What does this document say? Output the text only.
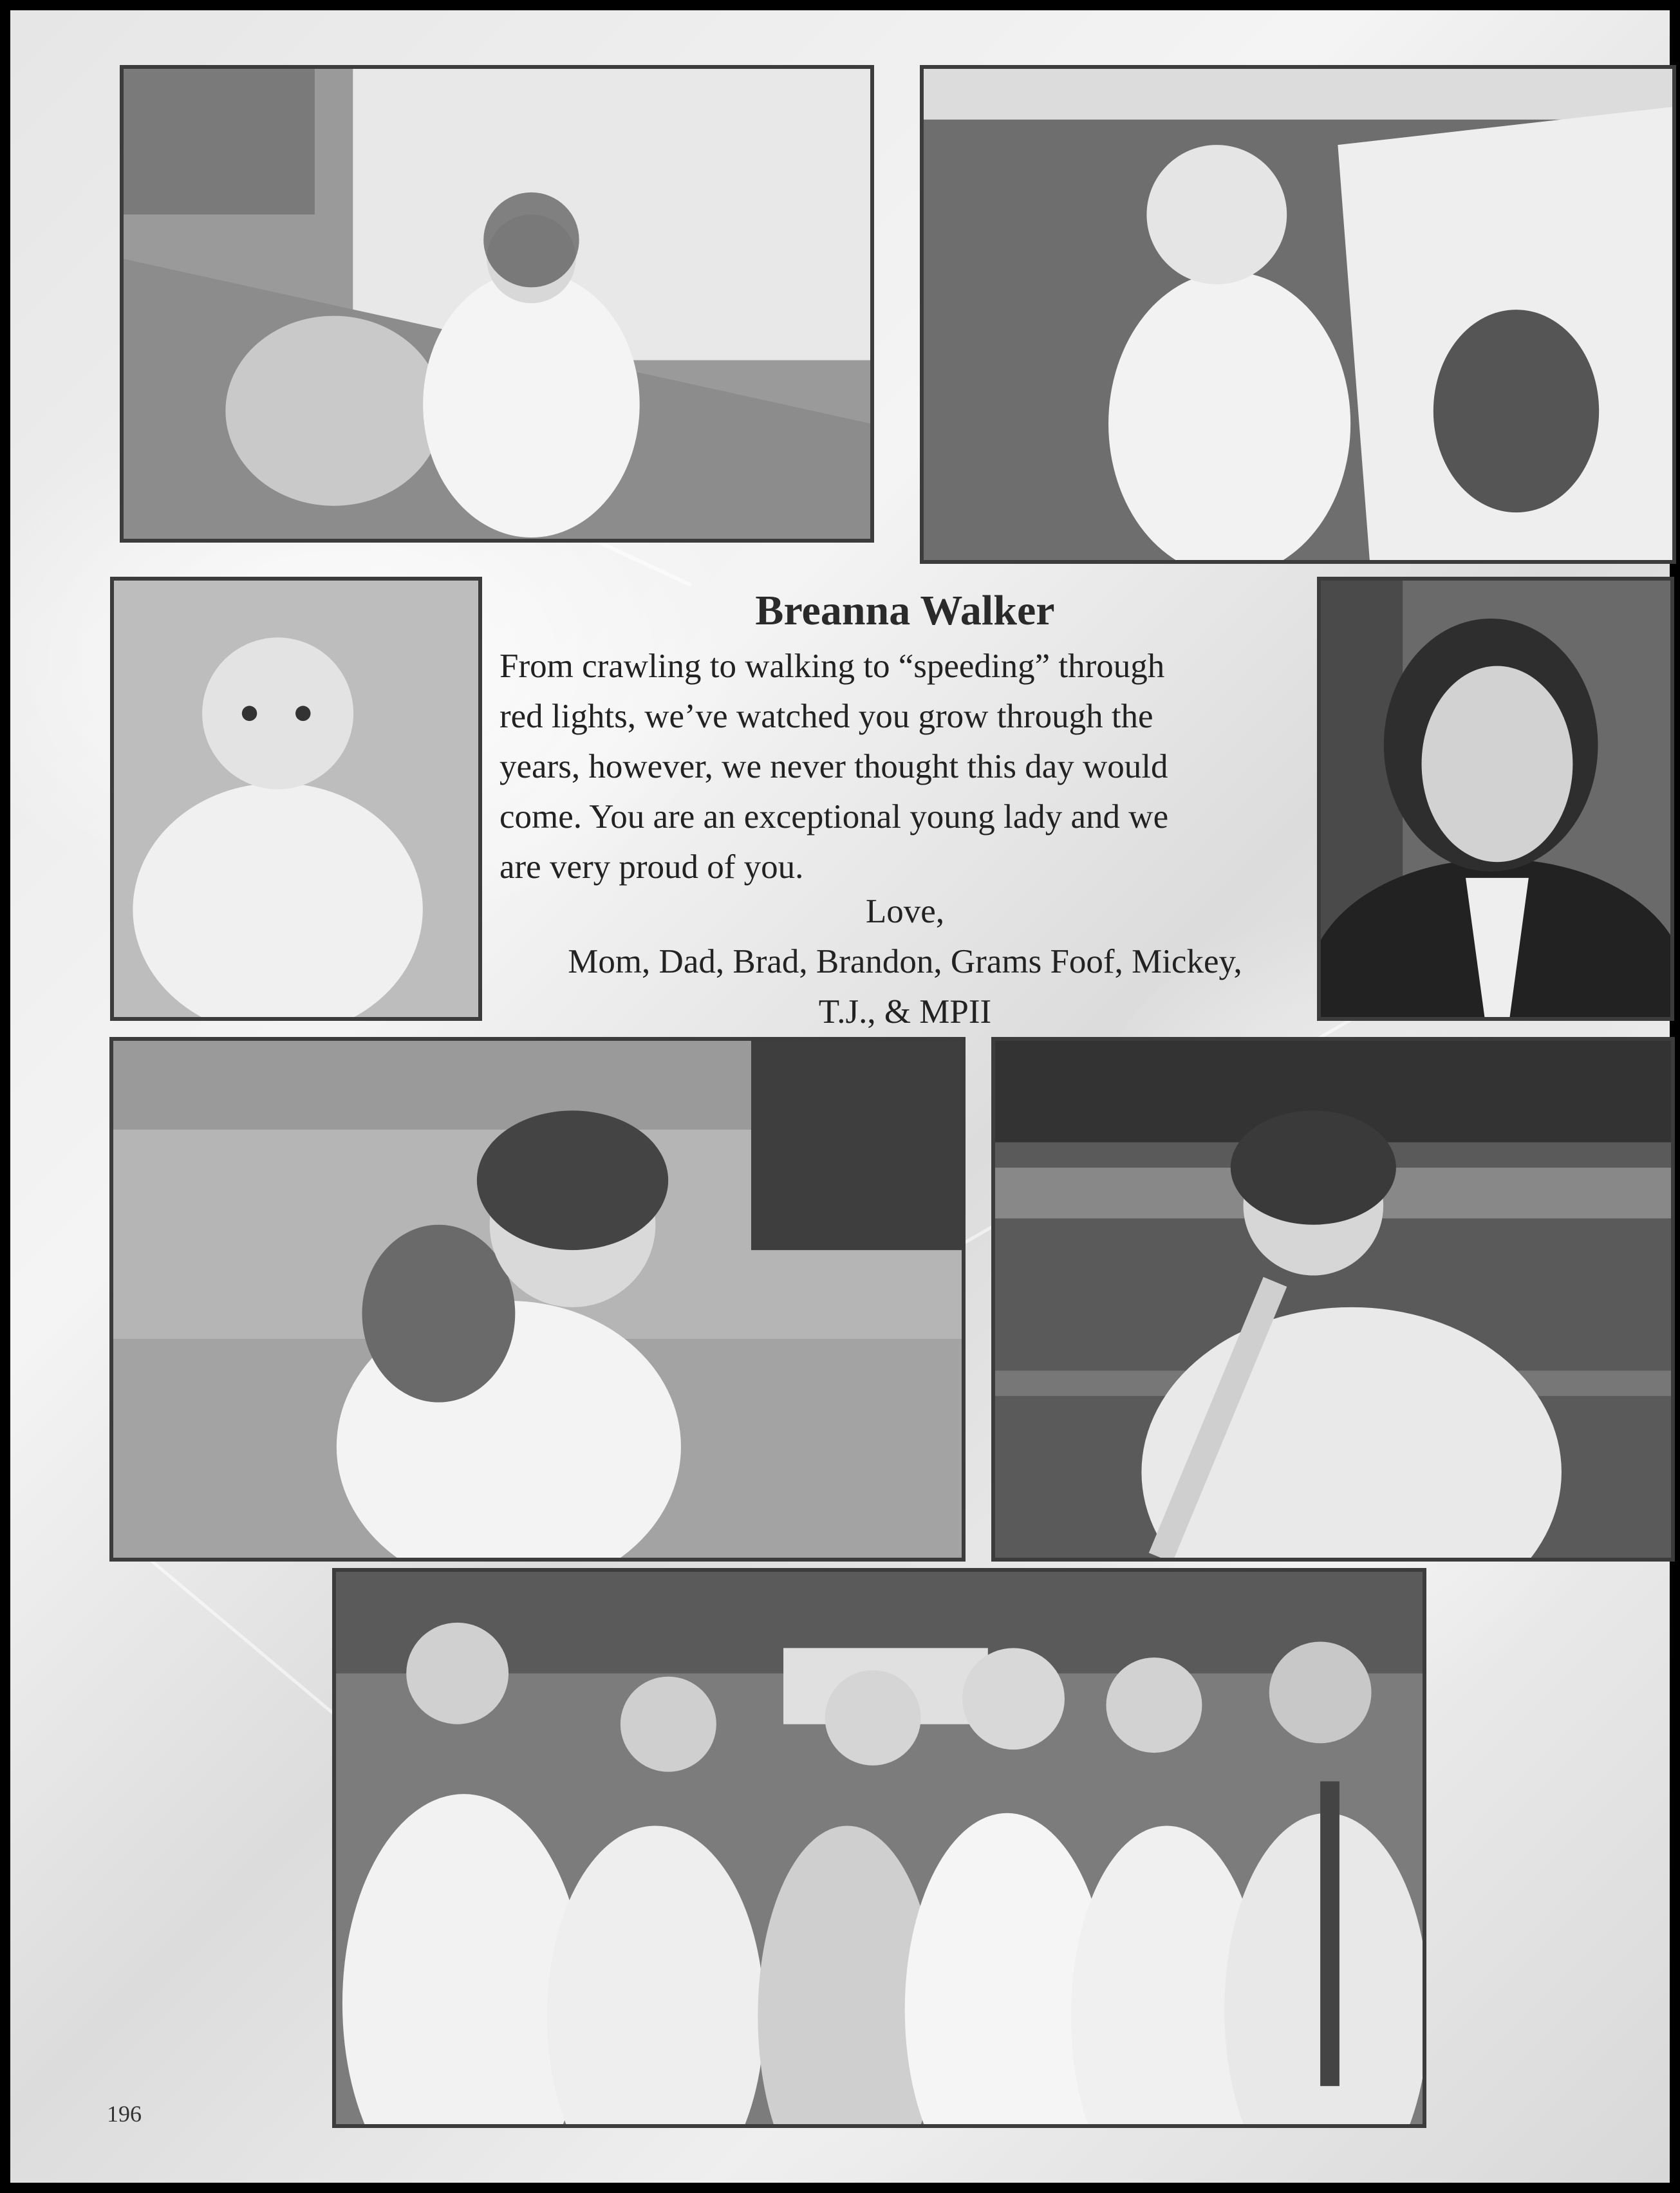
Breanna Walker
From crawling to walking to “speeding” through
red lights, we’ve watched you grow through the
years, however, we never thought this day would
come. You are an exceptional young lady and we
are very proud of you.

Love,

Mom, Dad, Brad, Brandon, Grams Foof, Mickey,

T.J., & MPII

196
